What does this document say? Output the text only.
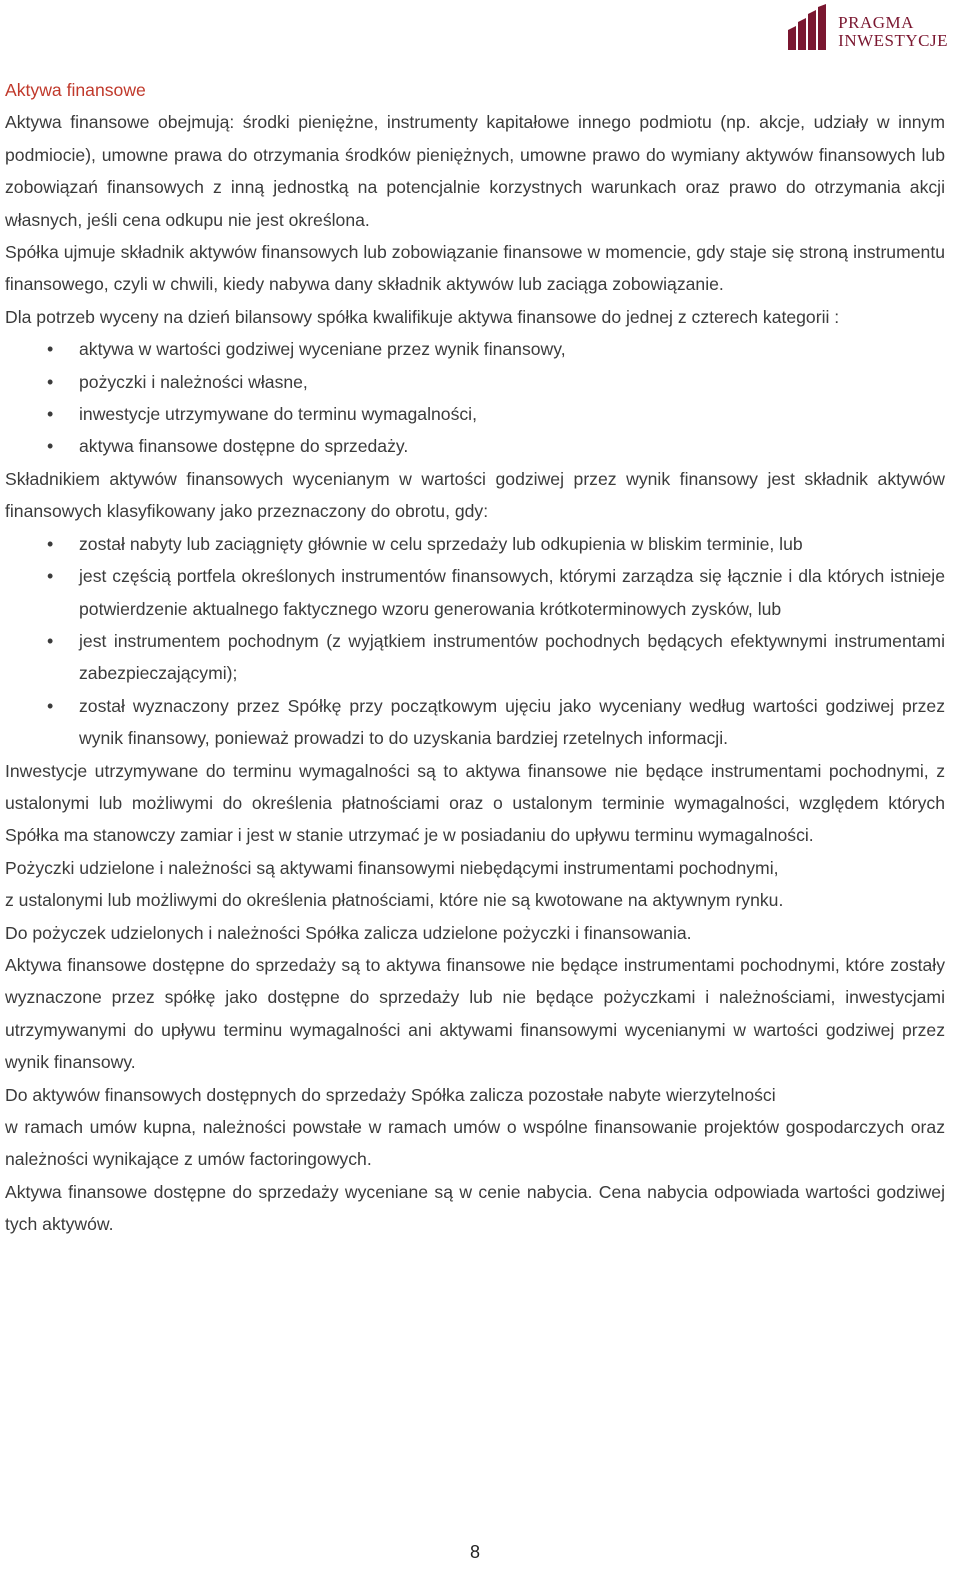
PRAGMA
INWESTYCJE

Aktywa finansowe

Aktywa finansowe obejmują: środki pieniężne, instrumenty kapitałowe innego podmiotu (np. akcje, udziały w innym podmiocie), umowne prawa do otrzymania środków pieniężnych, umowne prawo do wymiany aktywów finansowych lub zobowiązań finansowych z inną jednostką na potencjalnie korzystnych warunkach oraz prawo do otrzymania akcji własnych, jeśli cena odkupu nie jest określona.

Spółka ujmuje składnik aktywów finansowych lub zobowiązanie finansowe w momencie, gdy staje się stroną instrumentu finansowego, czyli w chwili, kiedy nabywa dany składnik aktywów lub zaciąga zobowiązanie.

Dla potrzeb wyceny na dzień bilansowy spółka kwalifikuje aktywa finansowe do jednej z czterech kategorii :

• aktywa w wartości godziwej wyceniane przez wynik finansowy,
• pożyczki i należności własne,
• inwestycje utrzymywane do terminu wymagalności,
• aktywa finansowe dostępne do sprzedaży.

Składnikiem aktywów finansowych wycenianym w wartości godziwej przez wynik finansowy jest składnik aktywów finansowych klasyfikowany jako przeznaczony do obrotu, gdy:

• został nabyty lub zaciągnięty głównie w celu sprzedaży lub odkupienia w bliskim terminie, lub
• jest częścią portfela określonych instrumentów finansowych, którymi zarządza się łącznie i dla których istnieje potwierdzenie aktualnego faktycznego wzoru generowania krótkoterminowych zysków, lub
• jest instrumentem pochodnym (z wyjątkiem instrumentów pochodnych będących efektywnymi instrumentami zabezpieczającymi);
• został wyznaczony przez Spółkę przy początkowym ujęciu jako wyceniany według wartości godziwej przez wynik finansowy, ponieważ prowadzi to do uzyskania bardziej rzetelnych informacji.

Inwestycje utrzymywane do terminu wymagalności są to aktywa finansowe nie będące instrumentami pochodnymi, z ustalonymi lub możliwymi do określenia płatnościami oraz o ustalonym terminie wymagalności, względem których Spółka ma stanowczy zamiar i jest w stanie utrzymać je w posiadaniu do upływu terminu wymagalności.

Pożyczki udzielone i należności są aktywami finansowymi niebędącymi instrumentami pochodnymi,

z ustalonymi lub możliwymi do określenia płatnościami, które nie są kwotowane na aktywnym rynku.

Do pożyczek udzielonych i należności Spółka zalicza udzielone pożyczki i finansowania.

Aktywa finansowe dostępne do sprzedaży są to aktywa finansowe nie będące instrumentami pochodnymi, które zostały wyznaczone przez spółkę jako dostępne do sprzedaży lub nie będące pożyczkami i należnościami, inwestycjami utrzymywanymi do upływu terminu wymagalności ani aktywami finansowymi wycenianymi w wartości godziwej przez wynik finansowy.

Do aktywów finansowych dostępnych do sprzedaży Spółka zalicza pozostałe nabyte wierzytelności

w ramach umów kupna, należności powstałe w ramach umów o wspólne finansowanie projektów gospodarczych oraz należności wynikające z umów factoringowych.

Aktywa finansowe dostępne do sprzedaży wyceniane są w cenie nabycia. Cena nabycia odpowiada wartości godziwej tych aktywów.

8
